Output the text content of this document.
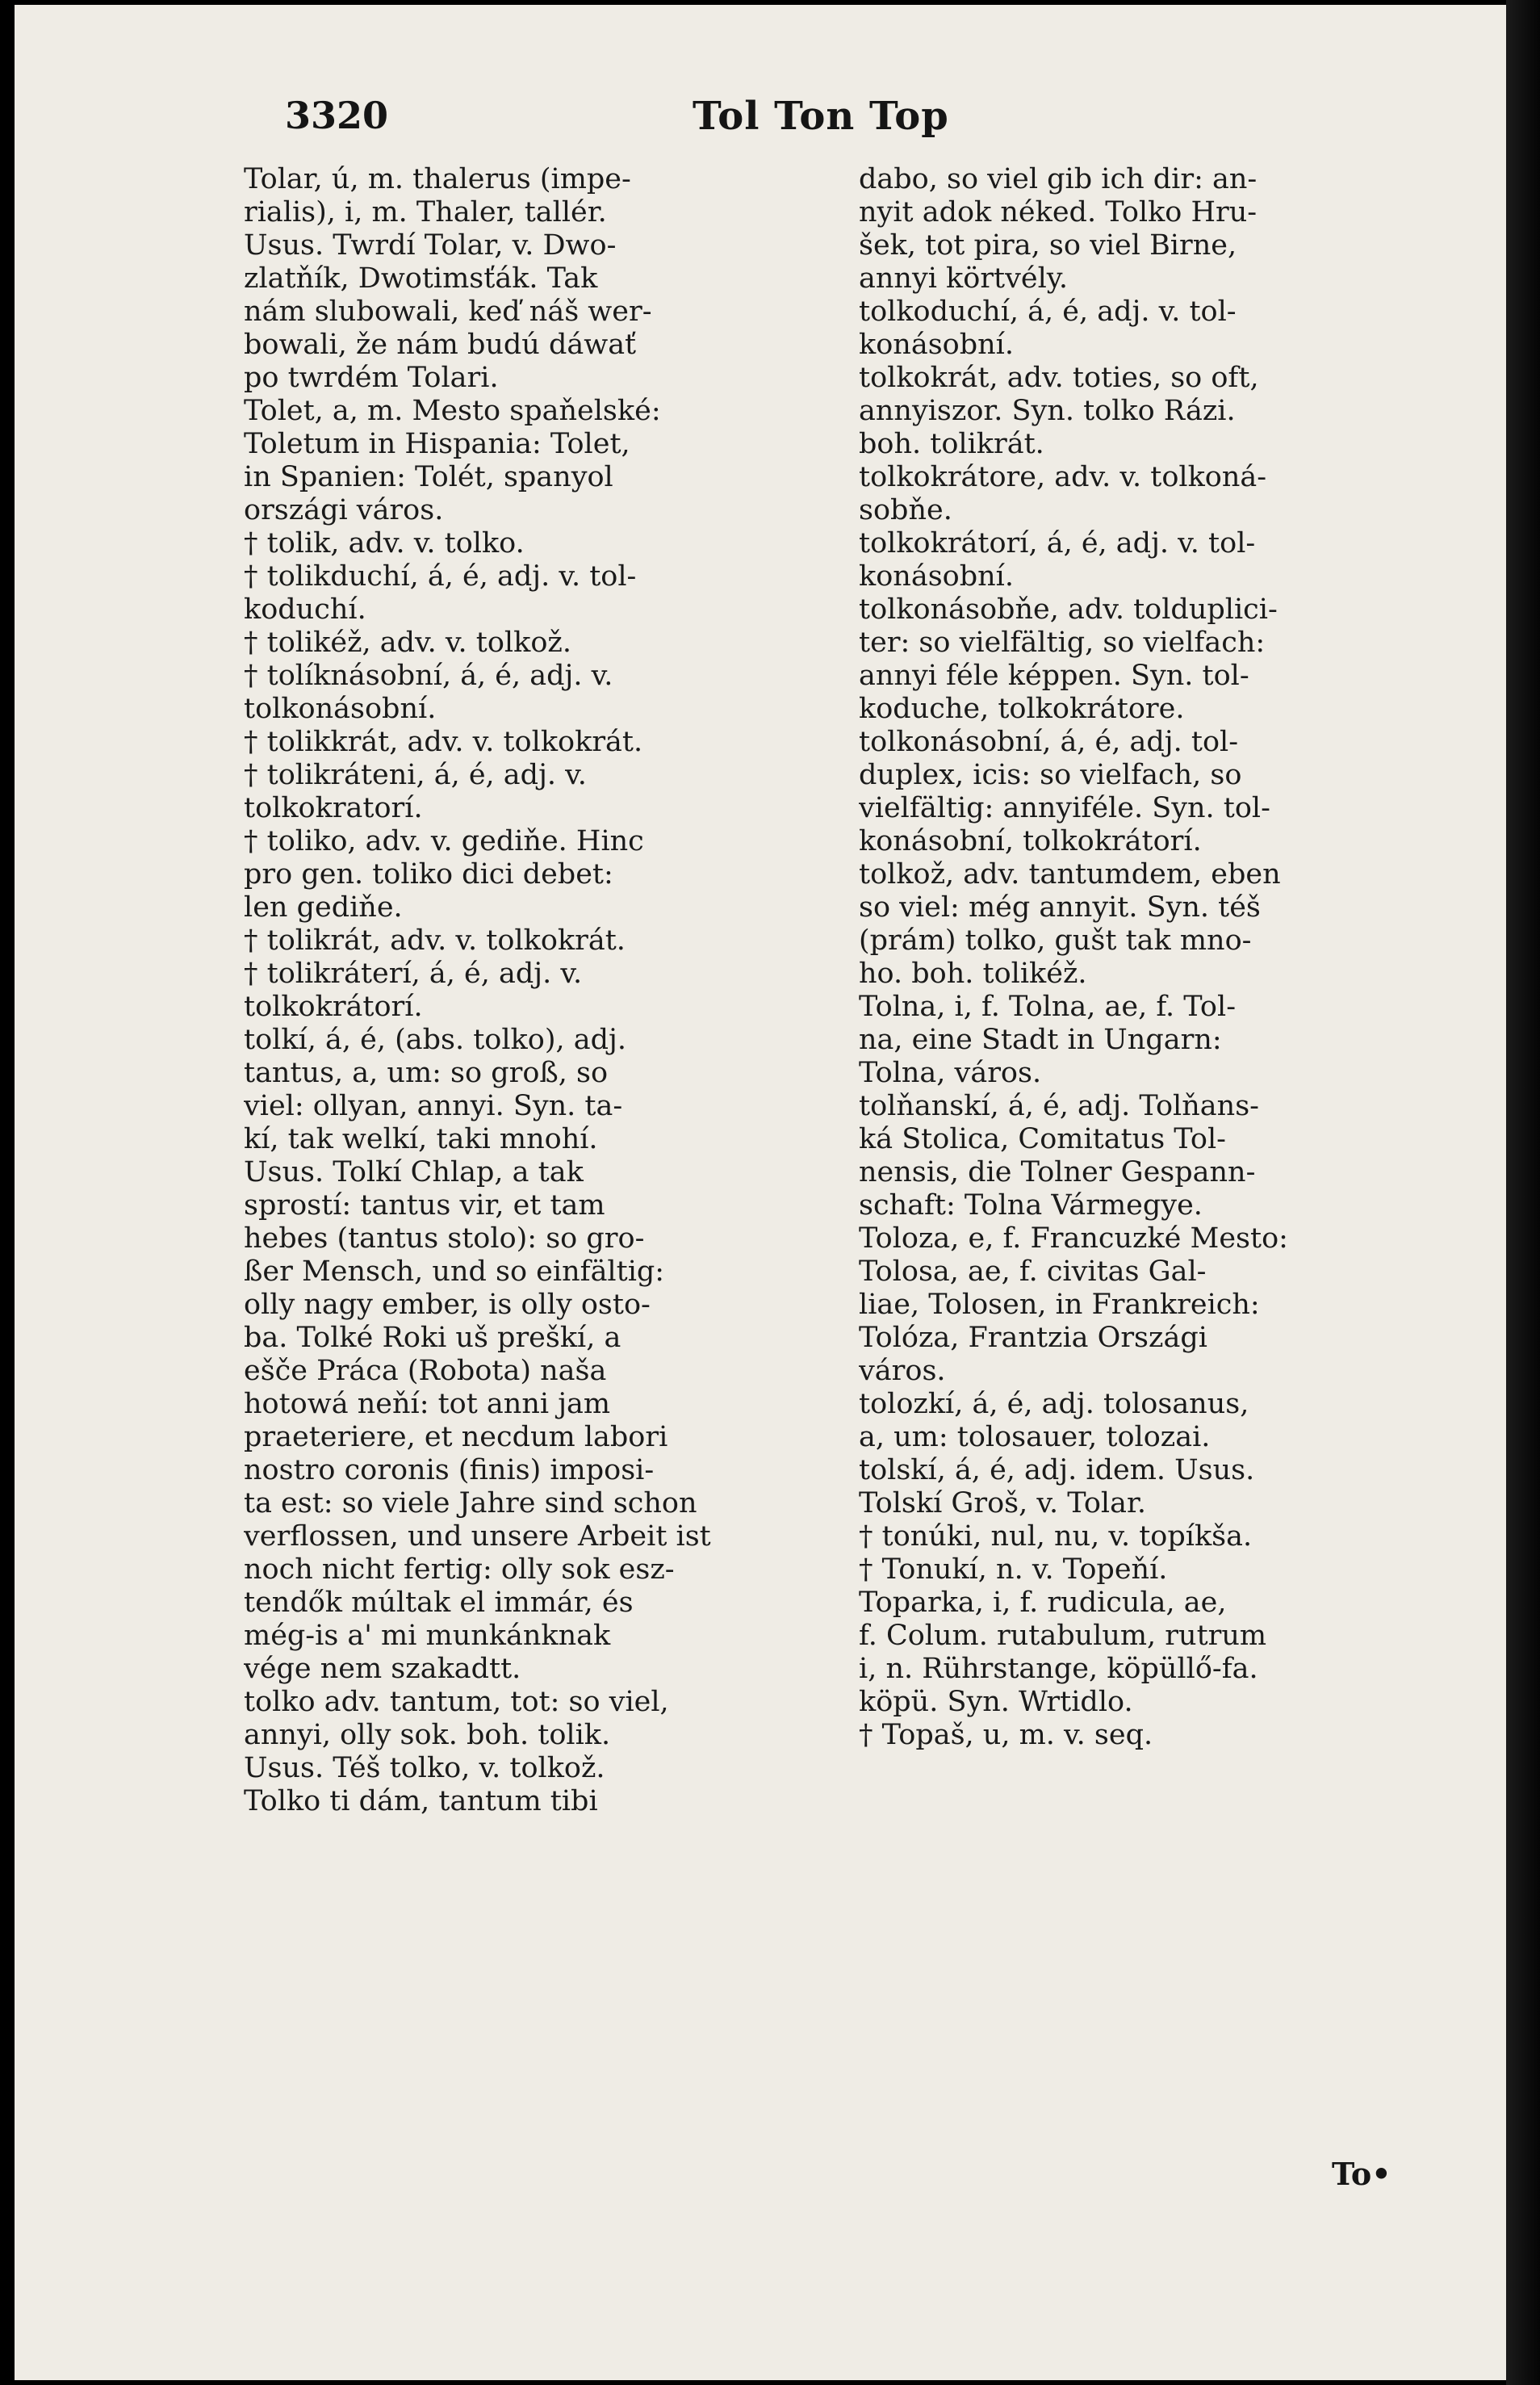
3320	Tol Ton Top
Tolar, ú, m. thalerus (impe-
rialis), i, m. Thaler, tallér.
Usus. Twrdí Tolar, v. Dwo-
zlatňík, Dwotimsťák. Tak
nám slubowali, keď náš wer-
bowali, že nám budú dáwať
po twrdém Tolari.
Tolet, a, m. Mesto spaňelské:
Toletum in Hispania: Tolet,
in Spanien: Tolét, spanyol
országi város.
† tolik, adv. v. tolko.
† tolikduchí, á, é, adj. v. tol-
koduchí.
† tolikéž, adv. v. tolkož.
† tolíknásobní, á, é, adj. v.
tolkonásobní.
† tolikkrát, adv. v. tolkokrát.
† tolikráteni, á, é, adj. v.
tolkokratorí.
† toliko, adv. v. gediňe. Hinc
pro gen. toliko dici debet:
len gediňe.
† tolikrát, adv. v. tolkokrát.
† tolikráterí, á, é, adj. v.
tolkokrátorí.
tolkí, á, é, (abs. tolko), adj.
tantus, a, um: so groß, so
viel: ollyan, annyi. Syn. ta-
kí, tak welkí, taki mnohí.
Usus. Tolkí Chlap, a tak
sprostí: tantus vir, et tam
hebes (tantus stolo): so gro-
ßer Mensch, und so einfältig:
olly nagy ember, is olly osto-
ba. Tolké Roki uš preškí, a
ešče Práca (Robota) naša
hotowá neňí: tot anni jam
praeteriere, et necdum labori
nostro coronis (finis) imposi-
ta est: so viele Jahre sind schon
verflossen, und unsere Arbeit ist
noch nicht fertig: olly sok esz-
tendők múltak el immár, és
még-is a' mi munkánknak
vége nem szakadtt.
tolko adv. tantum, tot: so viel,
annyi, olly sok. boh. tolik.
Usus. Téš tolko, v. tolkož.
Tolko ti dám, tantum tibi
dabo, so viel gib ich dir: an-
nyit adok néked. Tolko Hru-
šek, tot pira, so viel Birne,
annyi körtvély.
tolkoduchí, á, é, adj. v. tol-
konásobní.
tolkokrát, adv. toties, so oft,
annyiszor. Syn. tolko Rázi.
boh. tolikrát.
tolkokrátore, adv. v. tolkoná-
sobňe.
tolkokrátorí, á, é, adj. v. tol-
konásobní.
tolkonásobňe, adv. tolduplici-
ter: so vielfältig, so vielfach:
annyi féle képpen. Syn. tol-
koduche, tolkokrátore.
tolkonásobní, á, é, adj. tol-
duplex, icis: so vielfach, so
vielfältig: annyiféle. Syn. tol-
konásobní, tolkokrátorí.
tolkož, adv. tantumdem, eben
so viel: még annyit. Syn. téš
(prám) tolko, gušt tak mno-
ho. boh. tolikéž.
Tolna, i, f. Tolna, ae, f. Tol-
na, eine Stadt in Ungarn:
Tolna, város.
tolňanskí, á, é, adj. Tolňans-
ká Stolica, Comitatus Tol-
nensis, die Tolner Gespann-
schaft: Tolna Vármegye.
Toloza, e, f. Francuzké Mesto:
Tolosa, ae, f. civitas Gal-
liae, Tolosen, in Frankreich:
Tolóza, Frantzia Országi
város.
tolozkí, á, é, adj. tolosanus,
a, um: tolosauer, tolozai.
tolskí, á, é, adj. idem. Usus.
Tolskí Groš, v. Tolar.
† tonúki, nul, nu, v. topíkša.
† Tonukí, n. v. Topeňí.
Toparka, i, f. rudicula, ae,
f. Colum. rutabulum, rutrum
i, n. Rührstange, köpüllő-fa.
köpü. Syn. Wrtidlo.
† Topaš, u, m. v. seq.
To•
